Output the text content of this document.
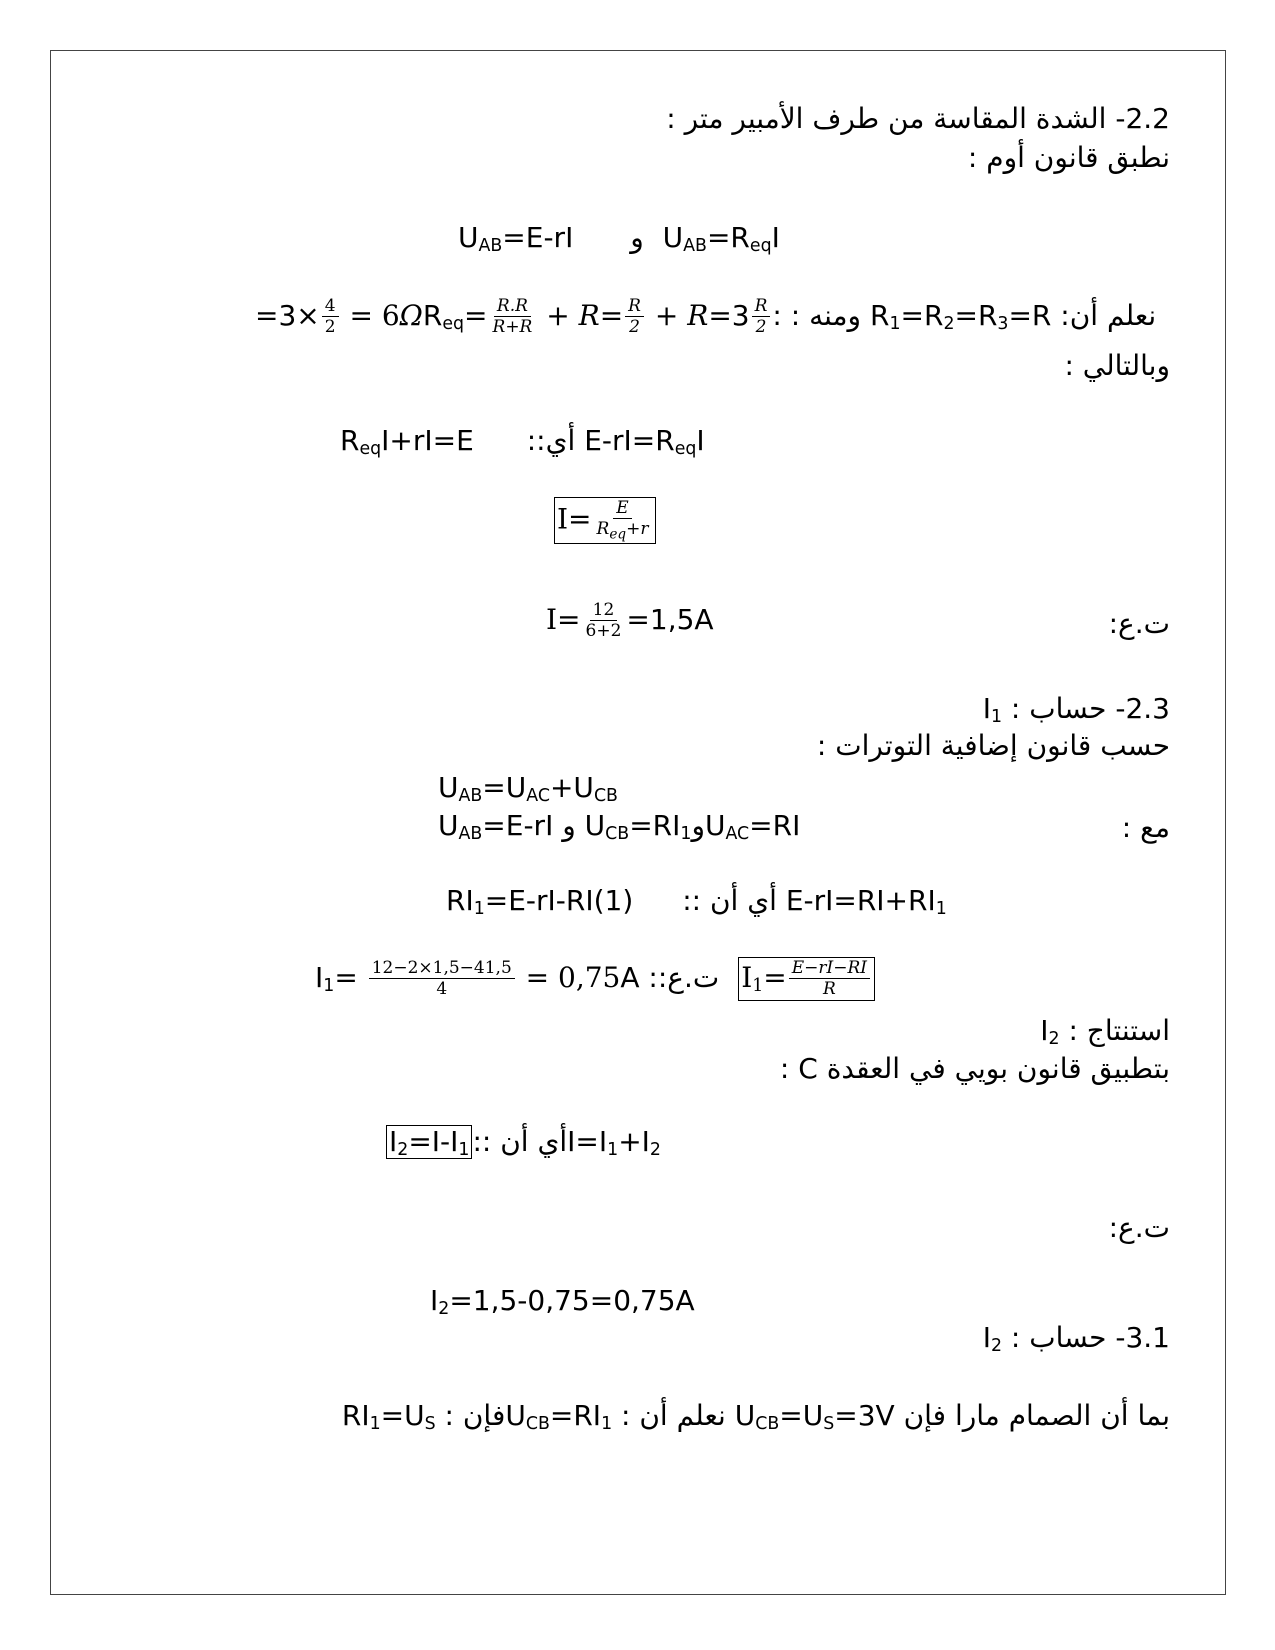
2.2- الشدة المقاسة من طرف الأمبير متر :
نطبق قانون أوم :
UAB=E-rI و UAB=ReqI
$=3\times \frac{4}{2} = 6\Omega Req= \frac{R.R}{R+R} + R= \frac{R}{2} + R=3 \frac{R}{2}$ : ومنه : R1=R2=R3=R نعلم أن:
وبالتالي :
ReqI+rI=E :أي: E-rI=ReqI
$I= \frac{E}{R_{eq}+r}$
$I= \frac{12}{6+2} =1,5A$	ت.ع:
2.3- حساب I1 :
حسب قانون إضافية التوترات :
UAB=UAC+UCB
UAB=E-rI و UCB=RI1وUAC=RI	مع :
RI1=E-rI-RI(1) :أي أن : E-rI=RI+RI1
$I1= \frac{12-2\times 1,5-41,5}{4} = 0,75A$ :ت.ع: $I1= \frac{E-rI-RI}{R}$
استنتاج I2 :
بتطبيق قانون بويي في العقدة C :
I2=I-I1 :أي أن :I=I1+I2
ت.ع:
I2=1,5-0,75=0,75A
3.1- حساب I2 :
بما أن الصمام مارا فإن UCB=US=3V نعلم أن : UCB=RI1فإن : RI1=US
